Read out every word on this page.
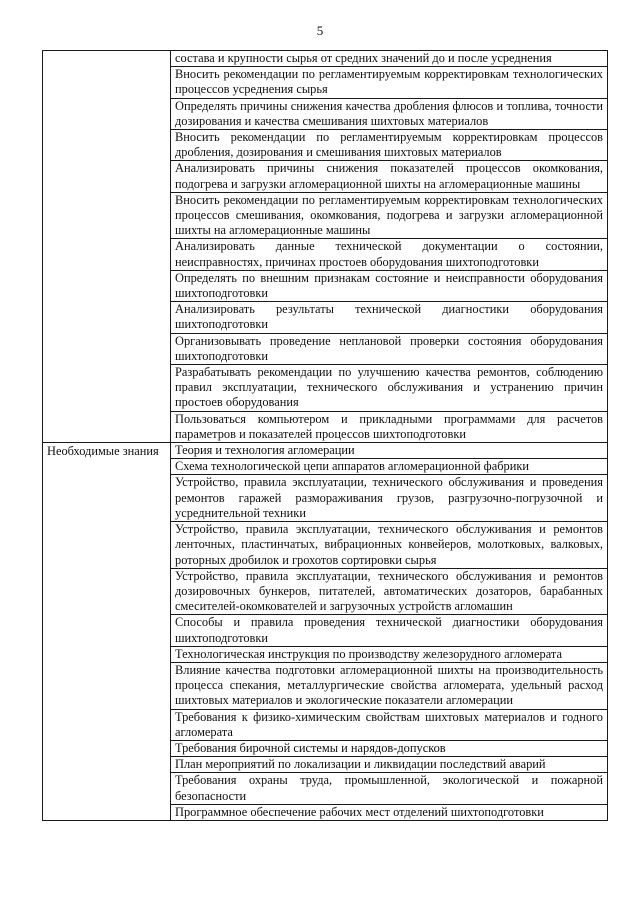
5

	состава и крупности сырья от средних значений до и после усреднения

	Вносить рекомендации по регламентируемым корректировкам технологических процессов усреднения сырья

	Определять причины снижения качества дробления флюсов и топлива, точности дозирования и качества смешивания шихтовых материалов

	Вносить рекомендации по регламентируемым корректировкам процессов дробления, дозирования и смешивания шихтовых материалов

	Анализировать причины снижения показателей процессов окомкования, подогрева и загрузки агломерационной шихты на агломерационные машины

	Вносить рекомендации по регламентируемым корректировкам технологических процессов смешивания, окомкования, подогрева и загрузки агломерационной шихты на агломерационные машины

	Анализировать данные технической документации о состоянии, неисправностях, причинах простоев оборудования шихтоподготовки

	Определять по внешним признакам состояние и неисправности оборудования шихтоподготовки

	Анализировать результаты технической диагностики оборудования шихтоподготовки

	Организовывать проведение неплановой проверки состояния оборудования шихтоподготовки

	Разрабатывать рекомендации по улучшению качества ремонтов, соблюдению правил эксплуатации, технического обслуживания и устранению причин простоев оборудования

	Пользоваться компьютером и прикладными программами для расчетов параметров и показателей процессов шихтоподготовки

Необходимые знания	Теория и технология агломерации

	Схема технологической цепи аппаратов агломерационной фабрики

	Устройство, правила эксплуатации, технического обслуживания и проведения ремонтов гаражей размораживания грузов, разгрузочно-погрузочной и усреднительной техники

	Устройство, правила эксплуатации, технического обслуживания и ремонтов ленточных, пластинчатых, вибрационных конвейеров, молотковых, валковых, роторных дробилок и грохотов сортировки сырья

	Устройство, правила эксплуатации, технического обслуживания и ремонтов дозировочных бункеров, питателей, автоматических дозаторов, барабанных смесителей-окомкователей и загрузочных устройств агломашин

	Способы и правила проведения технической диагностики оборудования шихтоподготовки

	Технологическая инструкция по производству железорудного агломерата

	Влияние качества подготовки агломерационной шихты на производительность процесса спекания, металлургические свойства агломерата, удельный расход шихтовых материалов и экологические показатели агломерации

	Требования к физико-химическим свойствам шихтовых материалов и годного агломерата

	Требования бирочной системы и нарядов-допусков

	План мероприятий по локализации и ликвидации последствий аварий

	Требования охраны труда, промышленной, экологической и пожарной безопасности

	Программное обеспечение рабочих мест отделений шихтоподготовки
